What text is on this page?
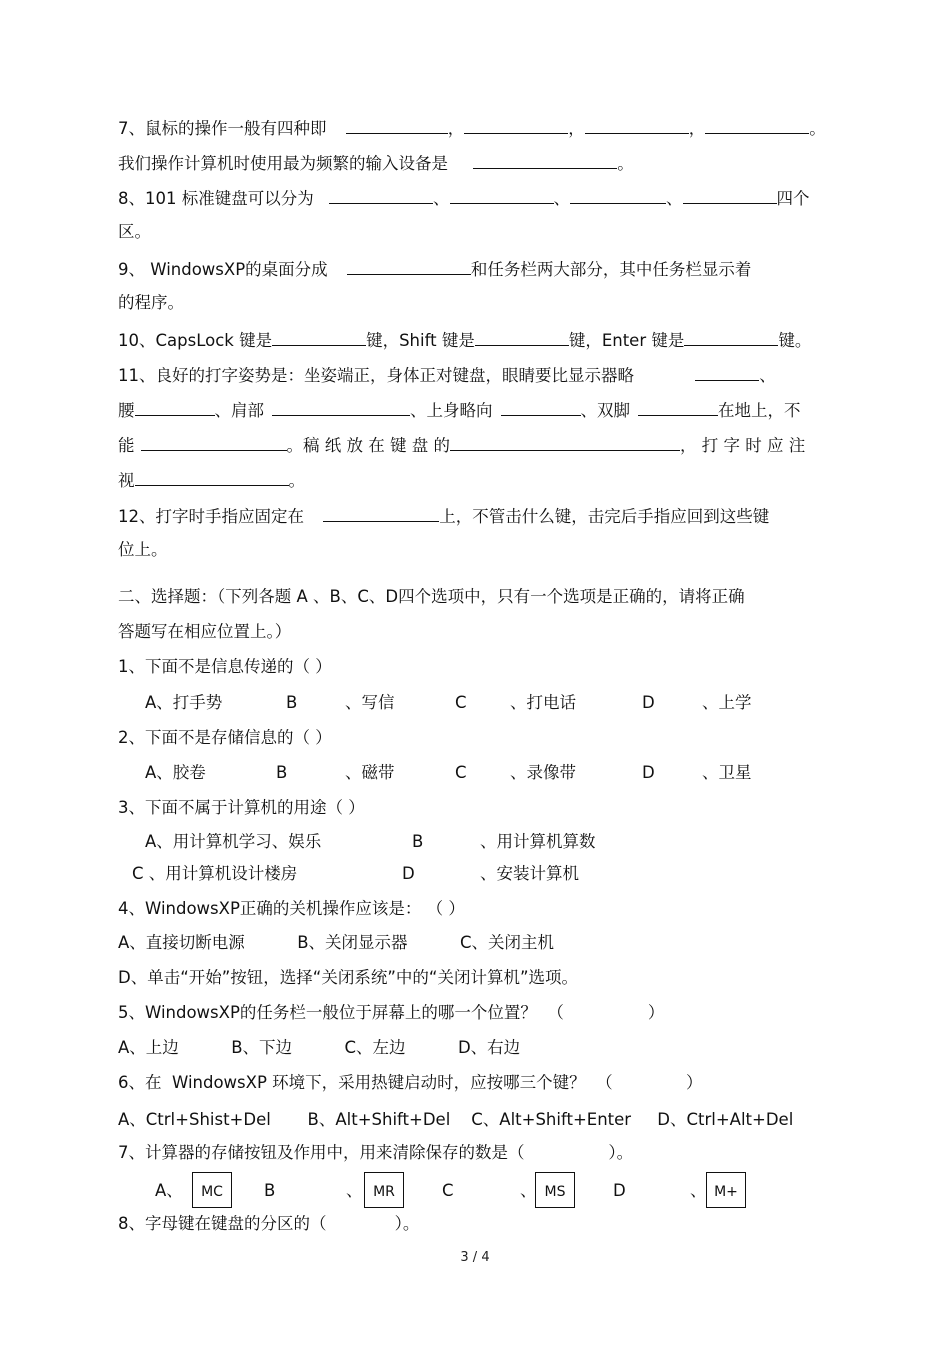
7、鼠标的操作一般有四种即	，	，	，	。
我们操作计算机时使用最为频繁的输入设备是	。
8、101 标准键盘可以分为	、	、	、	四个
区。
9、 WindowsXP的桌面分成	和任务栏两大部分，其中任务栏显示着
的程序。
10、CapsLock 键是	键，Shift 键是	键，Enter 键是	键。
11、良好的打字姿势是：坐姿端正，身体正对键盘，眼睛要比显示器略	、
腰	、肩部	、上身略向	、双脚	在地上，不
能	。稿 纸 放 在 键 盘 的	， 打 字 时 应 注
视	。
12、打字时手指应固定在	上，不管击什么键，击完后手指应回到这些键
位上。
二、选择题：（下列各题 A 、B、C、D四个选项中，只有一个选项是正确的，请将正确
答题写在相应位置上。）
1、下面不是信息传递的（ ）
A、打手势	B	、写信	C	、打电话	D	、上学
2、下面不是存储信息的（ ）
A、胶卷	B	、磁带	C	、录像带	D	、卫星
3、下面不属于计算机的用途（ ）
A、用计算机学习、娱乐	B	、用计算机算数
C 、用计算机设计楼房	D	、安装计算机
4、WindowsXP正确的关机操作应该是： （ ）
A、直接切断电源          B、关闭显示器          C、关闭主机
D、单击“开始”按钮，选择“关闭系统”中的“关闭计算机”选项。
5、WindowsXP的任务栏一般位于屏幕上的哪一个位置？  （                ）
A、上边          B、下边          C、左边          D、右边
6、在  WindowsXP 环境下，采用热键启动时，应按哪三个键？  （              ）
A、Ctrl+Shist+Del       B、Alt+Shift+Del    C、Alt+Shift+Enter     D、Ctrl+Alt+Del
7、计算器的存储按钮及作用中，用来清除保存的数是（                ）。
A、	MC	B	、 MR	C	、 MS	D	、 M+
8、字母键在键盘的分区的（             ）。
3 / 4
